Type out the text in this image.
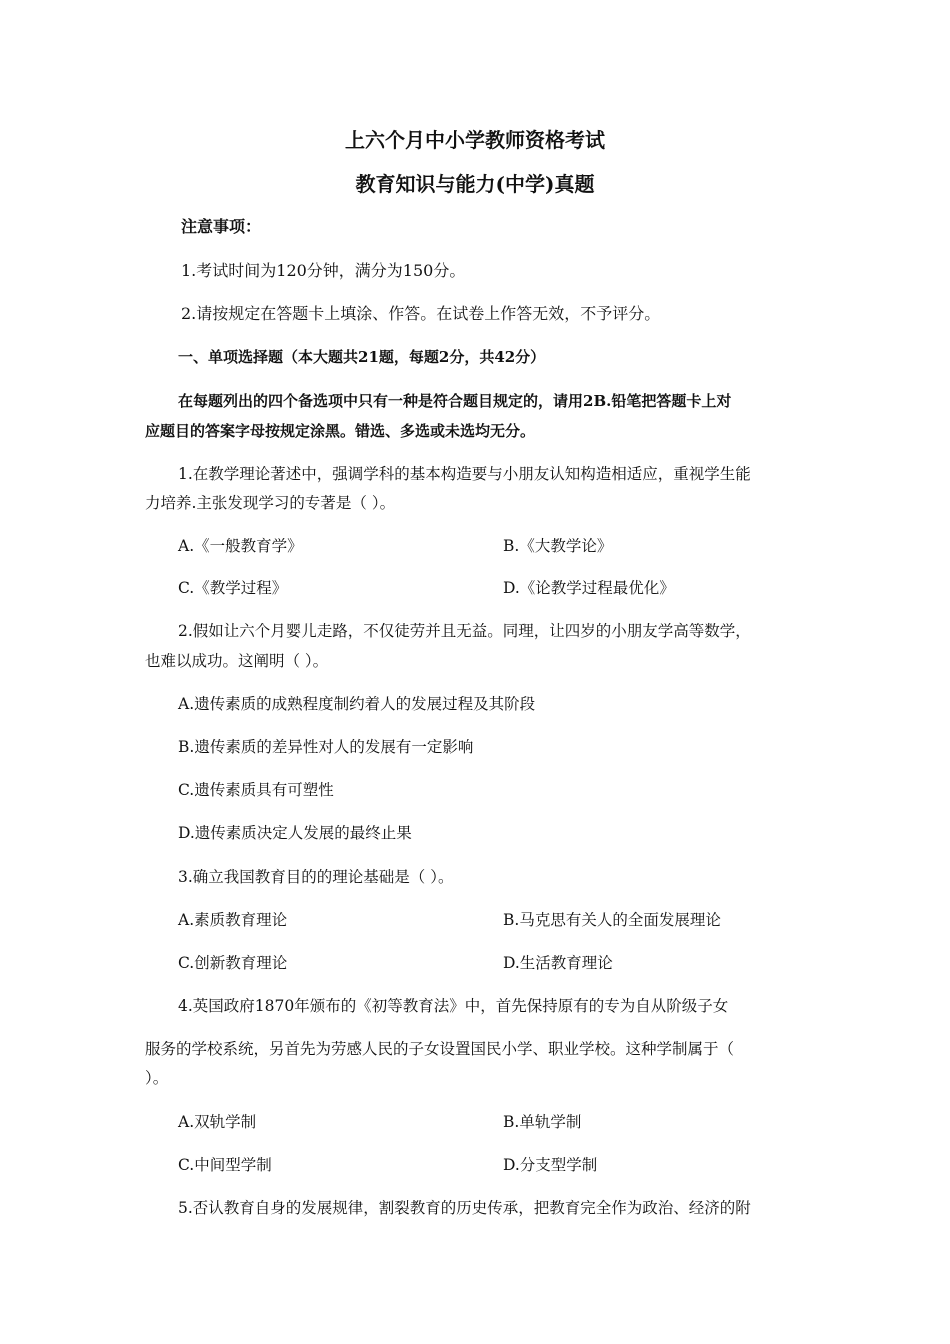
上六个月中小学教师资格考试
教育知识与能力(中学)真题
注意事项：
1.考试时间为120分钟，满分为150分。
2.请按规定在答题卡上填涂、作答。在试卷上作答无效，不予评分。
一、单项选择题（本大题共21题，每题2分，共42分）
在每题列出的四个备选项中只有一种是符合题目规定的，请用2B.铅笔把答题卡上对
应题目的答案字母按规定涂黑。错选、多选或未选均无分。
1.在教学理论著述中，强调学科的基本构造要与小朋友认知构造相适应，重视学生能
力培养.主张发现学习的专著是（ ）。
A.《一般教育学》	B.《大教学论》
C.《教学过程》	D.《论教学过程最优化》
2.假如让六个月婴儿走路，不仅徒劳并且无益。同理，让四岁的小朋友学高等数学，
也难以成功。这阐明（ ）。
A.遗传素质的成熟程度制约着人的发展过程及其阶段
B.遗传素质的差异性对人的发展有一定影响
C.遗传素质具有可塑性
D.遗传素质决定人发展的最终止果
3.确立我国教育目的的理论基础是（ ）。
A.素质教育理论	B.马克思有关人的全面发展理论
C.创新教育理论	D.生活教育理论
4.英国政府1870年颁布的《初等教育法》中，首先保持原有的专为自从阶级子女
服务的学校系统，另首先为劳感人民的子女设置国民小学、职业学校。这种学制属于（
）。
A.双轨学制	B.单轨学制
C.中间型学制	D.分支型学制
5.否认教育自身的发展规律，割裂教育的历史传承，把教育完全作为政治、经济的附
